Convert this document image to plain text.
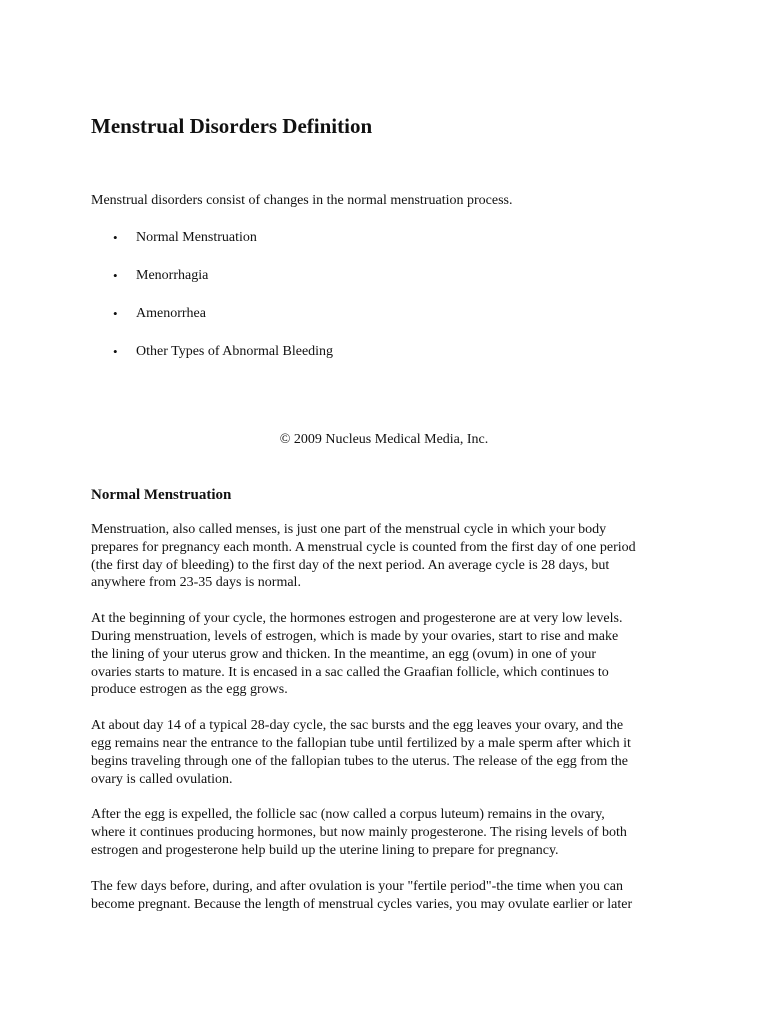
Menstrual Disorders Definition

Menstrual disorders consist of changes in the normal menstruation process.

• Normal Menstruation
• Menorrhagia
• Amenorrhea
• Other Types of Abnormal Bleeding

© 2009 Nucleus Medical Media, Inc.

Normal Menstruation

Menstruation, also called menses, is just one part of the menstrual cycle in which your body
prepares for pregnancy each month. A menstrual cycle is counted from the first day of one period
(the first day of bleeding) to the first day of the next period. An average cycle is 28 days, but
anywhere from 23-35 days is normal.

At the beginning of your cycle, the hormones estrogen and progesterone are at very low levels.
During menstruation, levels of estrogen, which is made by your ovaries, start to rise and make
the lining of your uterus grow and thicken. In the meantime, an egg (ovum) in one of your
ovaries starts to mature. It is encased in a sac called the Graafian follicle, which continues to
produce estrogen as the egg grows.

At about day 14 of a typical 28-day cycle, the sac bursts and the egg leaves your ovary, and the
egg remains near the entrance to the fallopian tube until fertilized by a male sperm after which it
begins traveling through one of the fallopian tubes to the uterus. The release of the egg from the
ovary is called ovulation.

After the egg is expelled, the follicle sac (now called a corpus luteum) remains in the ovary,
where it continues producing hormones, but now mainly progesterone. The rising levels of both
estrogen and progesterone help build up the uterine lining to prepare for pregnancy.

The few days before, during, and after ovulation is your "fertile period"-the time when you can
become pregnant. Because the length of menstrual cycles varies, you may ovulate earlier or later
